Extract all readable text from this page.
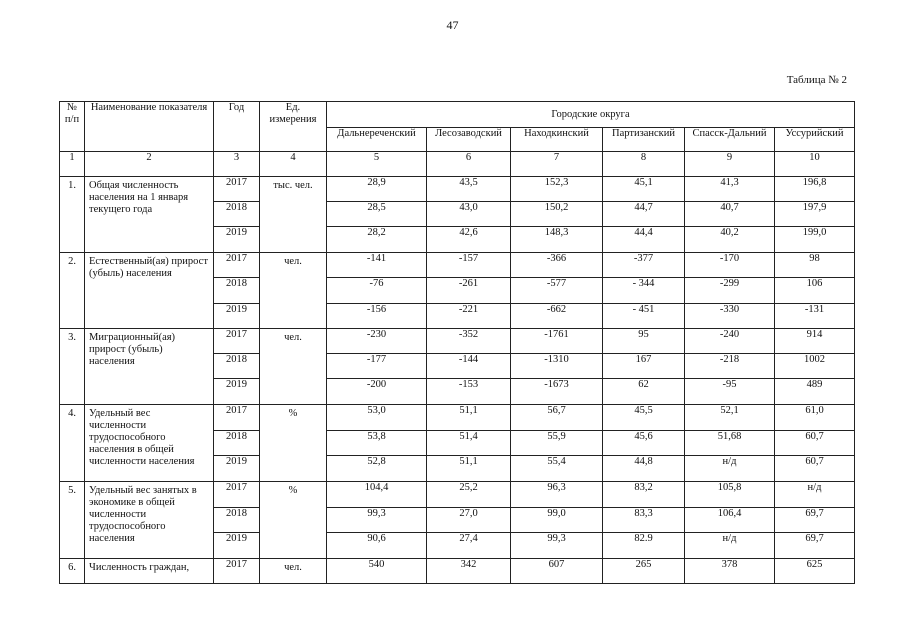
47
Таблица № 2
№ п/п	Наименование показателя	Год	Ед. измерения	Городские округа					
				Дальнереченский	Лесозаводский	Находкинский	Партизанский	Спасск-Дальний	Уссурийский
1	2	3	4	5	6	7	8	9	10
1.	Общая численность населения на 1 января текущего года	2017	тыс. чел.	28,9	43,5	152,3	45,1	41,3	196,8
		2018		28,5	43,0	150,2	44,7	40,7	197,9
		2019		28,2	42,6	148,3	44,4	40,2	199,0
2.	Естественный(ая) прирост (убыль) населения	2017	чел.	-141	-157	-366	-377	-170	98
		2018		-76	-261	-577	- 344	-299	106
		2019		-156	-221	-662	- 451	-330	-131
3.	Миграционный(ая) прирост (убыль) населения	2017	чел.	-230	-352	-1761	95	-240	914
		2018		-177	-144	-1310	167	-218	1002
		2019		-200	-153	-1673	62	-95	489
4.	Удельный вес численности трудоспособного населения в общей численности населения	2017	%	53,0	51,1	56,7	45,5	52,1	61,0
		2018		53,8	51,4	55,9	45,6	51,68	60,7
		2019		52,8	51,1	55,4	44,8	н/д	60,7
5.	Удельный вес занятых в экономике в общей численности трудоспособного населения	2017	%	104,4	25,2	96,3	83,2	105,8	н/д
		2018		99,3	27,0	99,0	83,3	106,4	69,7
		2019		90,6	27,4	99,3	82.9	н/д	69,7
6.	Численность граждан,	2017	чел.	540	342	607	265	378	625
